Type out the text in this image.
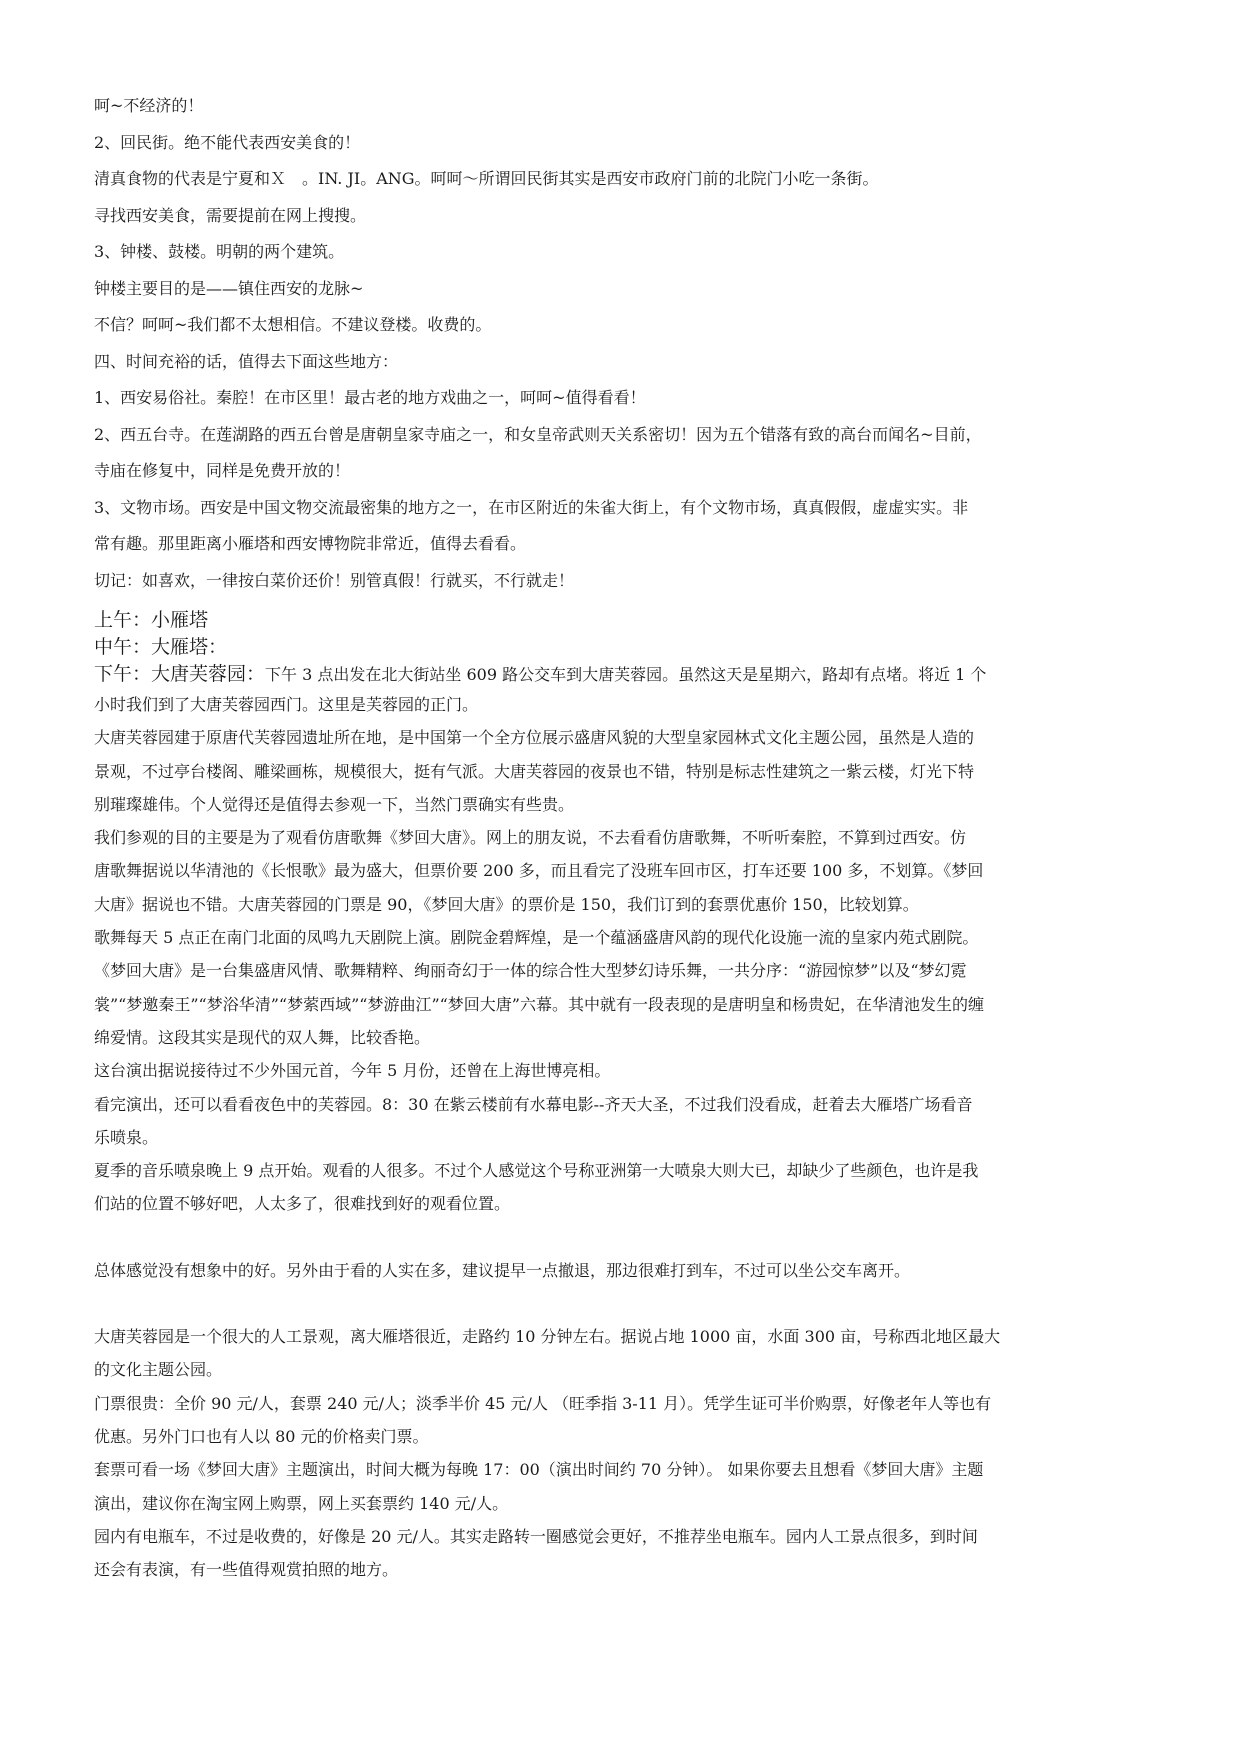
呵~不经济的！

2、回民街。绝不能代表西安美食的！

清真食物的代表是宁夏和Ｘ　。IN. JI。ANG。呵呵～所谓回民街其实是西安市政府门前的北院门小吃一条街。

寻找西安美食，需要提前在网上搜搜。

3、钟楼、鼓楼。明朝的两个建筑。

钟楼主要目的是——镇住西安的龙脉~

不信？呵呵~我们都不太想相信。不建议登楼。收费的。

四、时间充裕的话，值得去下面这些地方：

1、西安易俗社。秦腔！在市区里！最古老的地方戏曲之一，呵呵~值得看看！

2、西五台寺。在莲湖路的西五台曾是唐朝皇家寺庙之一，和女皇帝武则天关系密切！因为五个错落有致的高台而闻名~目前，

寺庙在修复中，同样是免费开放的！

3、文物市场。西安是中国文物交流最密集的地方之一，在市区附近的朱雀大街上，有个文物市场，真真假假，虚虚实实。非

常有趣。那里距离小雁塔和西安博物院非常近，值得去看看。

切记：如喜欢，一律按白菜价还价！别管真假！行就买，不行就走！

上午：小雁塔

中午：大雁塔：

下午：大唐芙蓉园：下午 3 点出发在北大街站坐 609 路公交车到大唐芙蓉园。虽然这天是星期六，路却有点堵。将近 1 个

小时我们到了大唐芙蓉园西门。这里是芙蓉园的正门。

大唐芙蓉园建于原唐代芙蓉园遗址所在地，是中国第一个全方位展示盛唐风貌的大型皇家园林式文化主题公园，虽然是人造的

景观，不过亭台楼阁、雕梁画栋，规模很大，挺有气派。大唐芙蓉园的夜景也不错，特别是标志性建筑之一紫云楼，灯光下特

别璀璨雄伟。个人觉得还是值得去参观一下，当然门票确实有些贵。

我们参观的目的主要是为了观看仿唐歌舞《梦回大唐》。网上的朋友说，不去看看仿唐歌舞，不听听秦腔，不算到过西安。仿

唐歌舞据说以华清池的《长恨歌》最为盛大，但票价要 200 多，而且看完了没班车回市区，打车还要 100 多，不划算。《梦回

大唐》据说也不错。大唐芙蓉园的门票是 90，《梦回大唐》的票价是 150，我们订到的套票优惠价 150，比较划算。

歌舞每天 5 点正在南门北面的凤鸣九天剧院上演。剧院金碧辉煌，是一个蕴涵盛唐风韵的现代化设施一流的皇家内苑式剧院。

《梦回大唐》是一台集盛唐风情、歌舞精粹、绚丽奇幻于一体的综合性大型梦幻诗乐舞，一共分序：“游园惊梦”以及“梦幻霓

裳”“梦邀秦王”“梦浴华清”“梦萦西域”“梦游曲江”“梦回大唐”六幕。其中就有一段表现的是唐明皇和杨贵妃，在华清池发生的缠

绵爱情。这段其实是现代的双人舞，比较香艳。

这台演出据说接待过不少外国元首，今年 5 月份，还曾在上海世博亮相。

看完演出，还可以看看夜色中的芙蓉园。8：30 在紫云楼前有水幕电影--齐天大圣，不过我们没看成，赶着去大雁塔广场看音

乐喷泉。

夏季的音乐喷泉晚上 9 点开始。观看的人很多。不过个人感觉这个号称亚洲第一大喷泉大则大已，却缺少了些颜色，也许是我

们站的位置不够好吧，人太多了，很难找到好的观看位置。

总体感觉没有想象中的好。另外由于看的人实在多，建议提早一点撤退，那边很难打到车，不过可以坐公交车离开。

大唐芙蓉园是一个很大的人工景观，离大雁塔很近，走路约 10 分钟左右。据说占地 1000 亩，水面 300 亩，号称西北地区最大

的文化主题公园。

门票很贵：全价 90 元/人，套票 240 元/人；淡季半价 45 元/人 （旺季指 3-11 月）。凭学生证可半价购票，好像老年人等也有

优惠。另外门口也有人以 80 元的价格卖门票。

套票可看一场《梦回大唐》主题演出，时间大概为每晚 17：00（演出时间约 70 分钟）。 如果你要去且想看《梦回大唐》主题

演出，建议你在淘宝网上购票，网上买套票约 140 元/人。

园内有电瓶车，不过是收费的，好像是 20 元/人。其实走路转一圈感觉会更好，不推荐坐电瓶车。园内人工景点很多，到时间

还会有表演，有一些值得观赏拍照的地方。
